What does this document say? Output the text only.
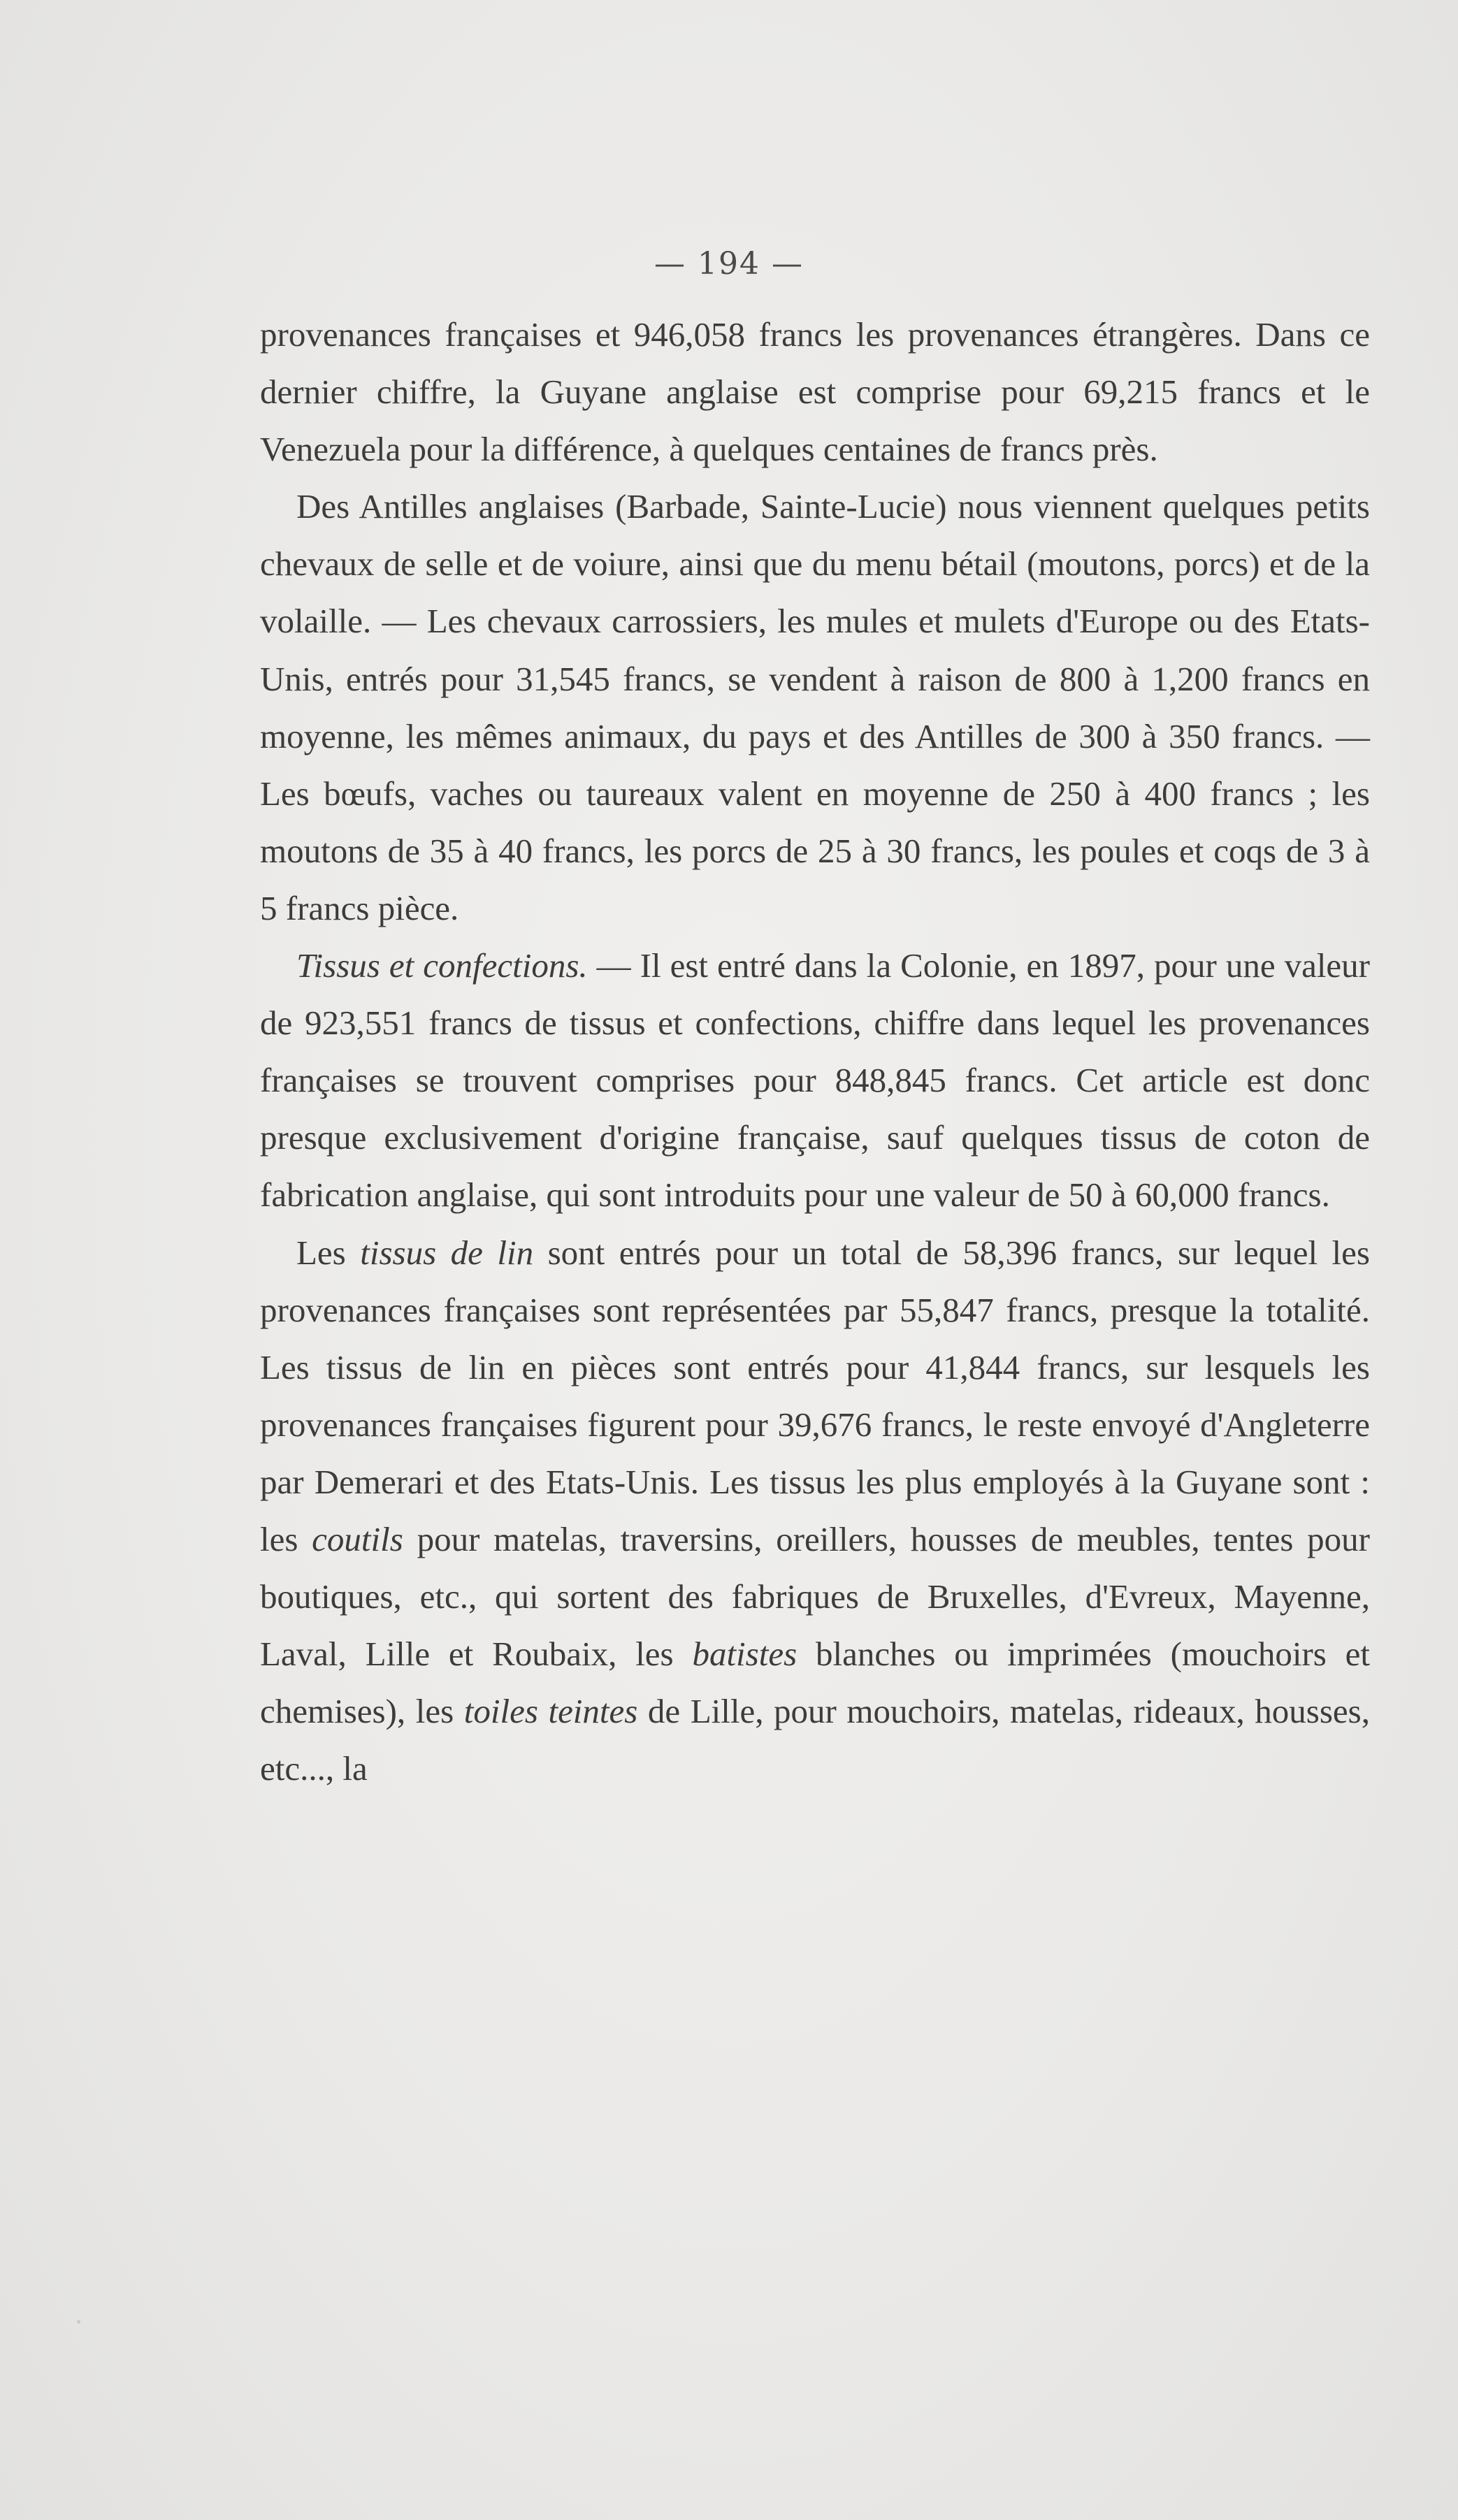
— 194 —

provenances françaises et 946,058 francs les provenances étrangères. Dans ce dernier chiffre, la Guyane anglaise est comprise pour 69,215 francs et le Venezuela pour la différence, à quelques centaines de francs près.

Des Antilles anglaises (Barbade, Sainte-Lucie) nous viennent quelques petits chevaux de selle et de voiure, ainsi que du menu bétail (moutons, porcs) et de la volaille. — Les chevaux carrossiers, les mules et mulets d'Europe ou des Etats-Unis, entrés pour 31,545 francs, se vendent à raison de 800 à 1,200 francs en moyenne, les mêmes animaux, du pays et des Antilles de 300 à 350 francs. — Les bœufs, vaches ou taureaux valent en moyenne de 250 à 400 francs ; les moutons de 35 à 40 francs, les porcs de 25 à 30 francs, les poules et coqs de 3 à 5 francs pièce.

Tissus et confections. — Il est entré dans la Colonie, en 1897, pour une valeur de 923,551 francs de tissus et confections, chiffre dans lequel les provenances françaises se trouvent comprises pour 848,845 francs. Cet article est donc presque exclusivement d'origine française, sauf quelques tissus de coton de fabrication anglaise, qui sont introduits pour une valeur de 50 à 60,000 francs.

Les tissus de lin sont entrés pour un total de 58,396 francs, sur lequel les provenances françaises sont représentées par 55,847 francs, presque la totalité. Les tissus de lin en pièces sont entrés pour 41,844 francs, sur lesquels les provenances françaises figurent pour 39,676 francs, le reste envoyé d'Angleterre par Demerari et des Etats-Unis. Les tissus les plus employés à la Guyane sont : les coutils pour matelas, traversins, oreillers, housses de meubles, tentes pour boutiques, etc., qui sortent des fabriques de Bruxelles, d'Evreux, Mayenne, Laval, Lille et Roubaix, les batistes blanches ou imprimées (mouchoirs et chemises), les toiles teintes de Lille, pour mouchoirs, matelas, rideaux, housses, etc..., la
